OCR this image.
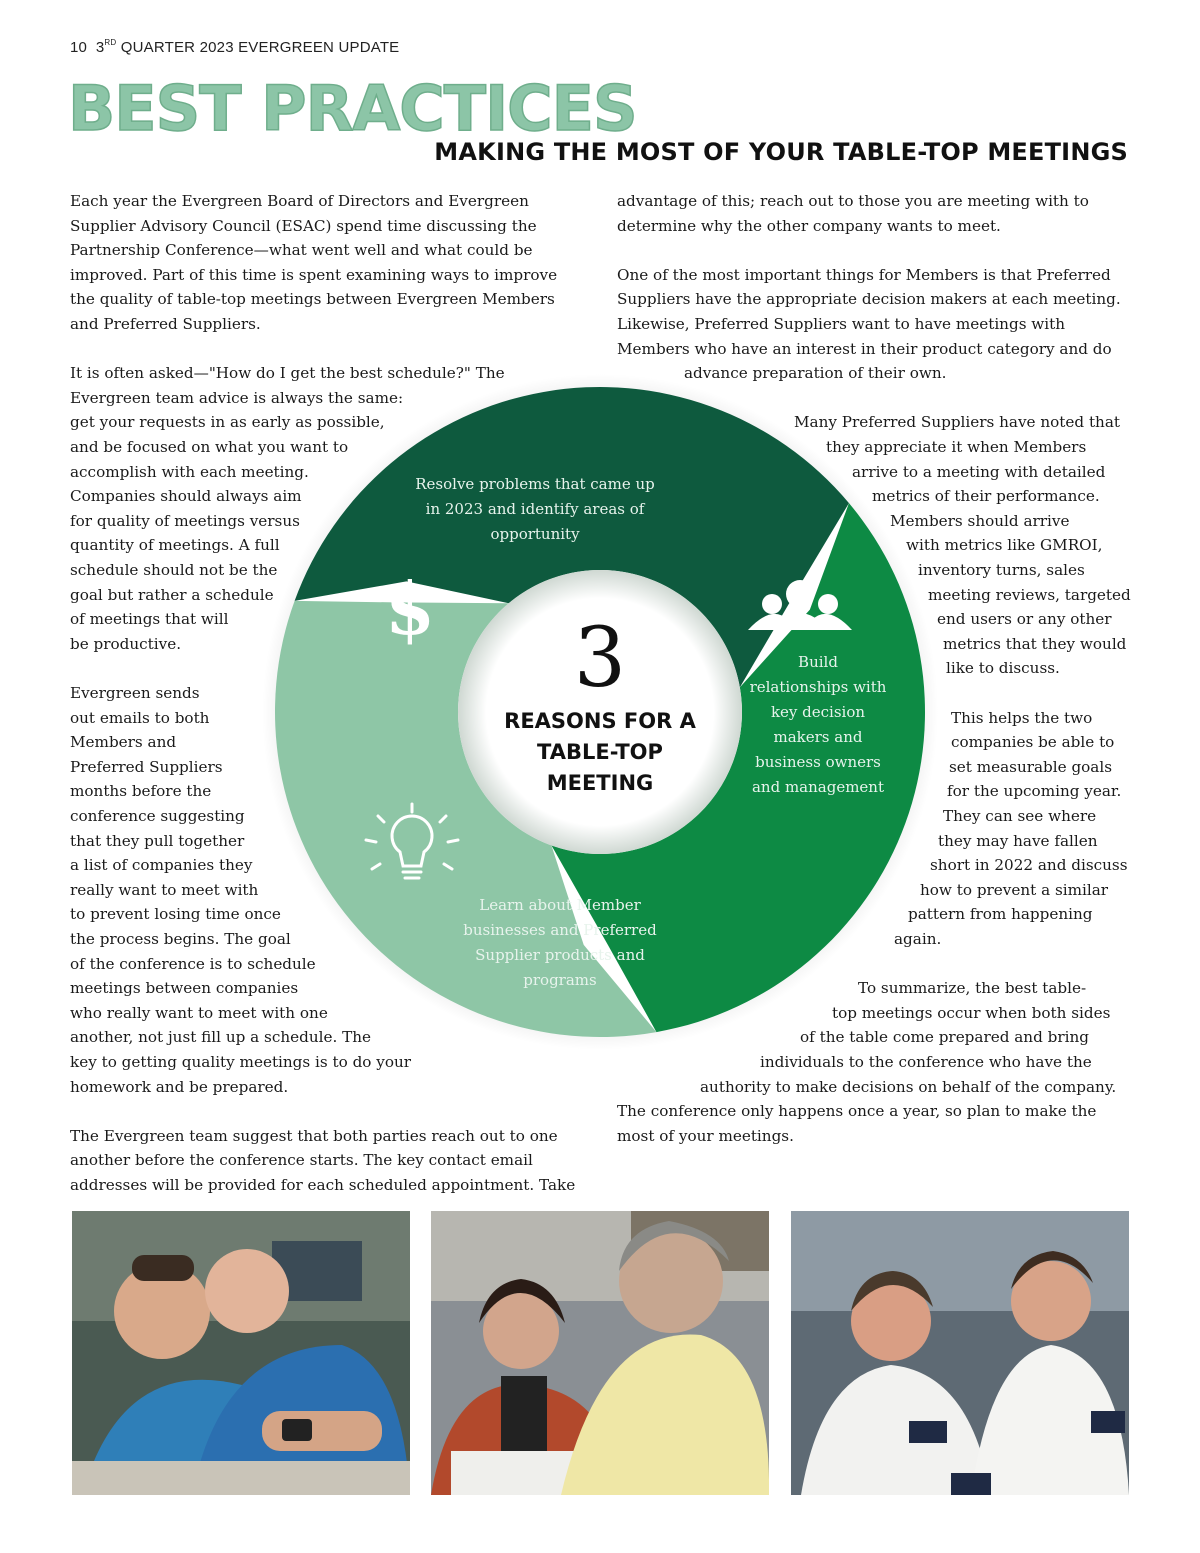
10 3RD QUARTER 2023 EVERGREEN UPDATE
BEST PRACTICES
MAKING THE MOST OF YOUR TABLE-TOP MEETINGS
Each year the Evergreen Board of Directors and Evergreen
Supplier Advisory Council (ESAC) spend time discussing the
Partnership Conference—what went well and what could be
improved. Part of this time is spent examining ways to improve
the quality of table-top meetings between Evergreen Members
and Preferred Suppliers.
It is often asked—"How do I get the best schedule?" The
Evergreen team advice is always the same:
get your requests in as early as possible,
and be focused on what you want to
accomplish with each meeting.
Companies should always aim
for quality of meetings versus
quantity of meetings. A full
schedule should not be the
goal but rather a schedule
of meetings that will
be productive.
Evergreen sends
out emails to both
Members and
Preferred Suppliers
months before the
conference suggesting
that they pull together
a list of companies they
really want to meet with
to prevent losing time once
the process begins. The goal
of the conference is to schedule
meetings between companies
who really want to meet with one
another, not just fill up a schedule. The
key to getting quality meetings is to do your
homework and be prepared.
The Evergreen team suggest that both parties reach out to one
another before the conference starts. The key contact email
addresses will be provided for each scheduled appointment. Take
advantage of this; reach out to those you are meeting with to
determine why the other company wants to meet.
One of the most important things for Members is that Preferred
Suppliers have the appropriate decision makers at each meeting.
Likewise, Preferred Suppliers want to have meetings with
Members who have an interest in their product category and do
advance preparation of their own.
Many Preferred Suppliers have noted that
they appreciate it when Members
arrive to a meeting with detailed
metrics of their performance.
Members should arrive
with metrics like GMROI,
inventory turns, sales
meeting reviews, targeted
end users or any other
metrics that they would
like to discuss.
This helps the two
companies be able to
set measurable goals
for the upcoming year.
They can see where
they may have fallen
short in 2022 and discuss
how to prevent a similar
pattern from happening
again.
To summarize, the best table-
top meetings occur when both sides
of the table come prepared and bring
individuals to the conference who have the
authority to make decisions on behalf of the company.
The conference only happens once a year, so plan to make the
most of your meetings.
$
Resolve problems that came up in 2023 and identify areas of opportunity
Build relationships with key decision makers and business owners and management
Learn about Member businesses and Preferred Supplier products and programs
3
REASONS FOR A TABLE-TOP MEETING
